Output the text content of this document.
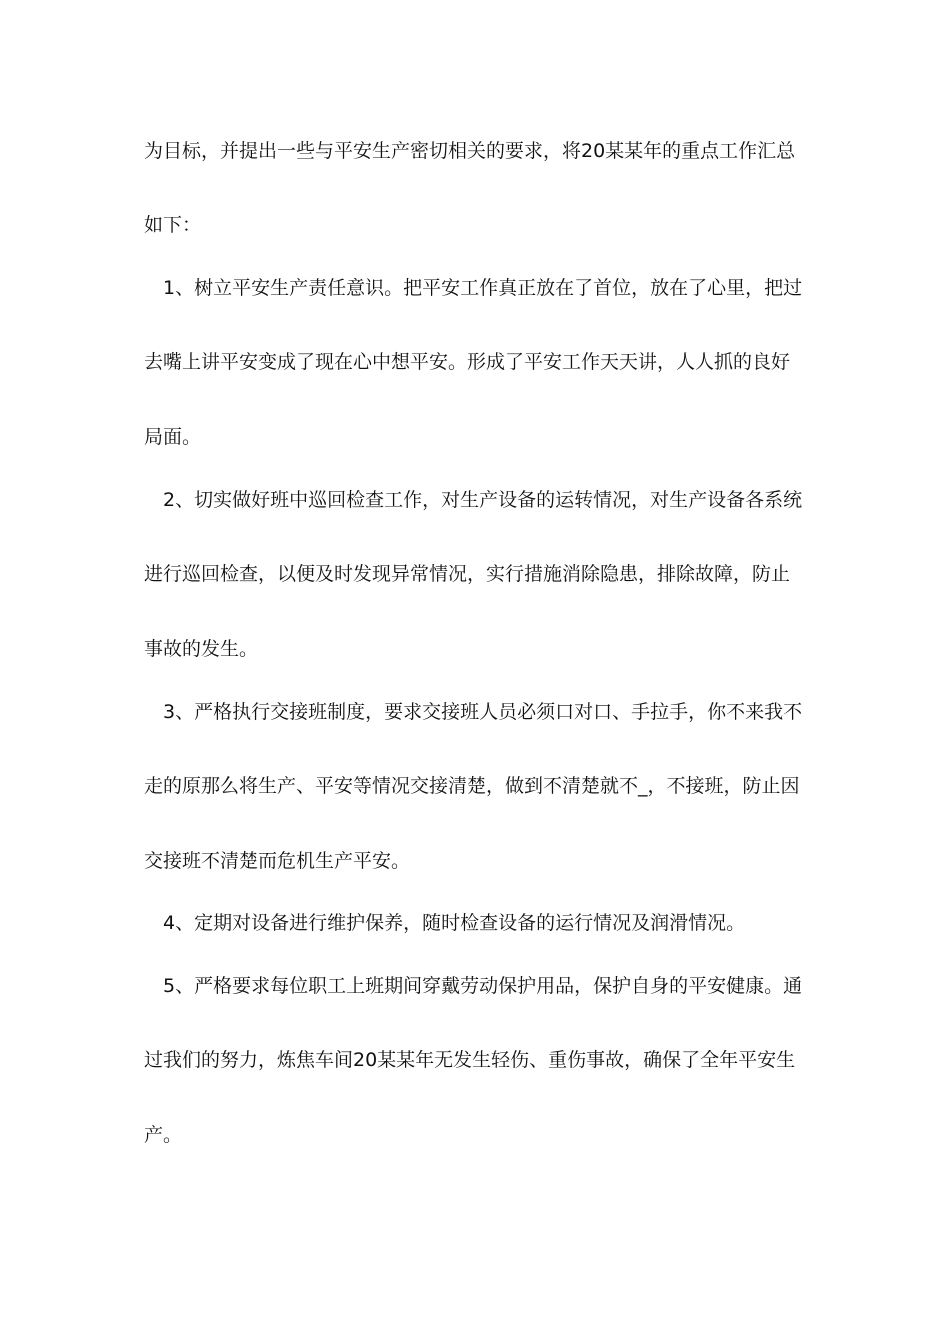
为目标，并提出一些与平安生产密切相关的要求，将20某某年的重点工作汇总
如下：
1、树立平安生产责任意识。把平安工作真正放在了首位，放在了心里，把过
去嘴上讲平安变成了现在心中想平安。形成了平安工作天天讲，人人抓的良好
局面。
2、切实做好班中巡回检查工作，对生产设备的运转情况，对生产设备各系统
进行巡回检查，以便及时发现异常情况，实行措施消除隐患，排除故障，防止
事故的发生。
3、严格执行交接班制度，要求交接班人员必须口对口、手拉手，你不来我不
走的原那么将生产、平安等情况交接清楚，做到不清楚就不_，不接班，防止因
交接班不清楚而危机生产平安。
4、定期对设备进行维护保养，随时检查设备的运行情况及润滑情况。
5、严格要求每位职工上班期间穿戴劳动保护用品，保护自身的平安健康。通
过我们的努力，炼焦车间20某某年无发生轻伤、重伤事故，确保了全年平安生
产。
